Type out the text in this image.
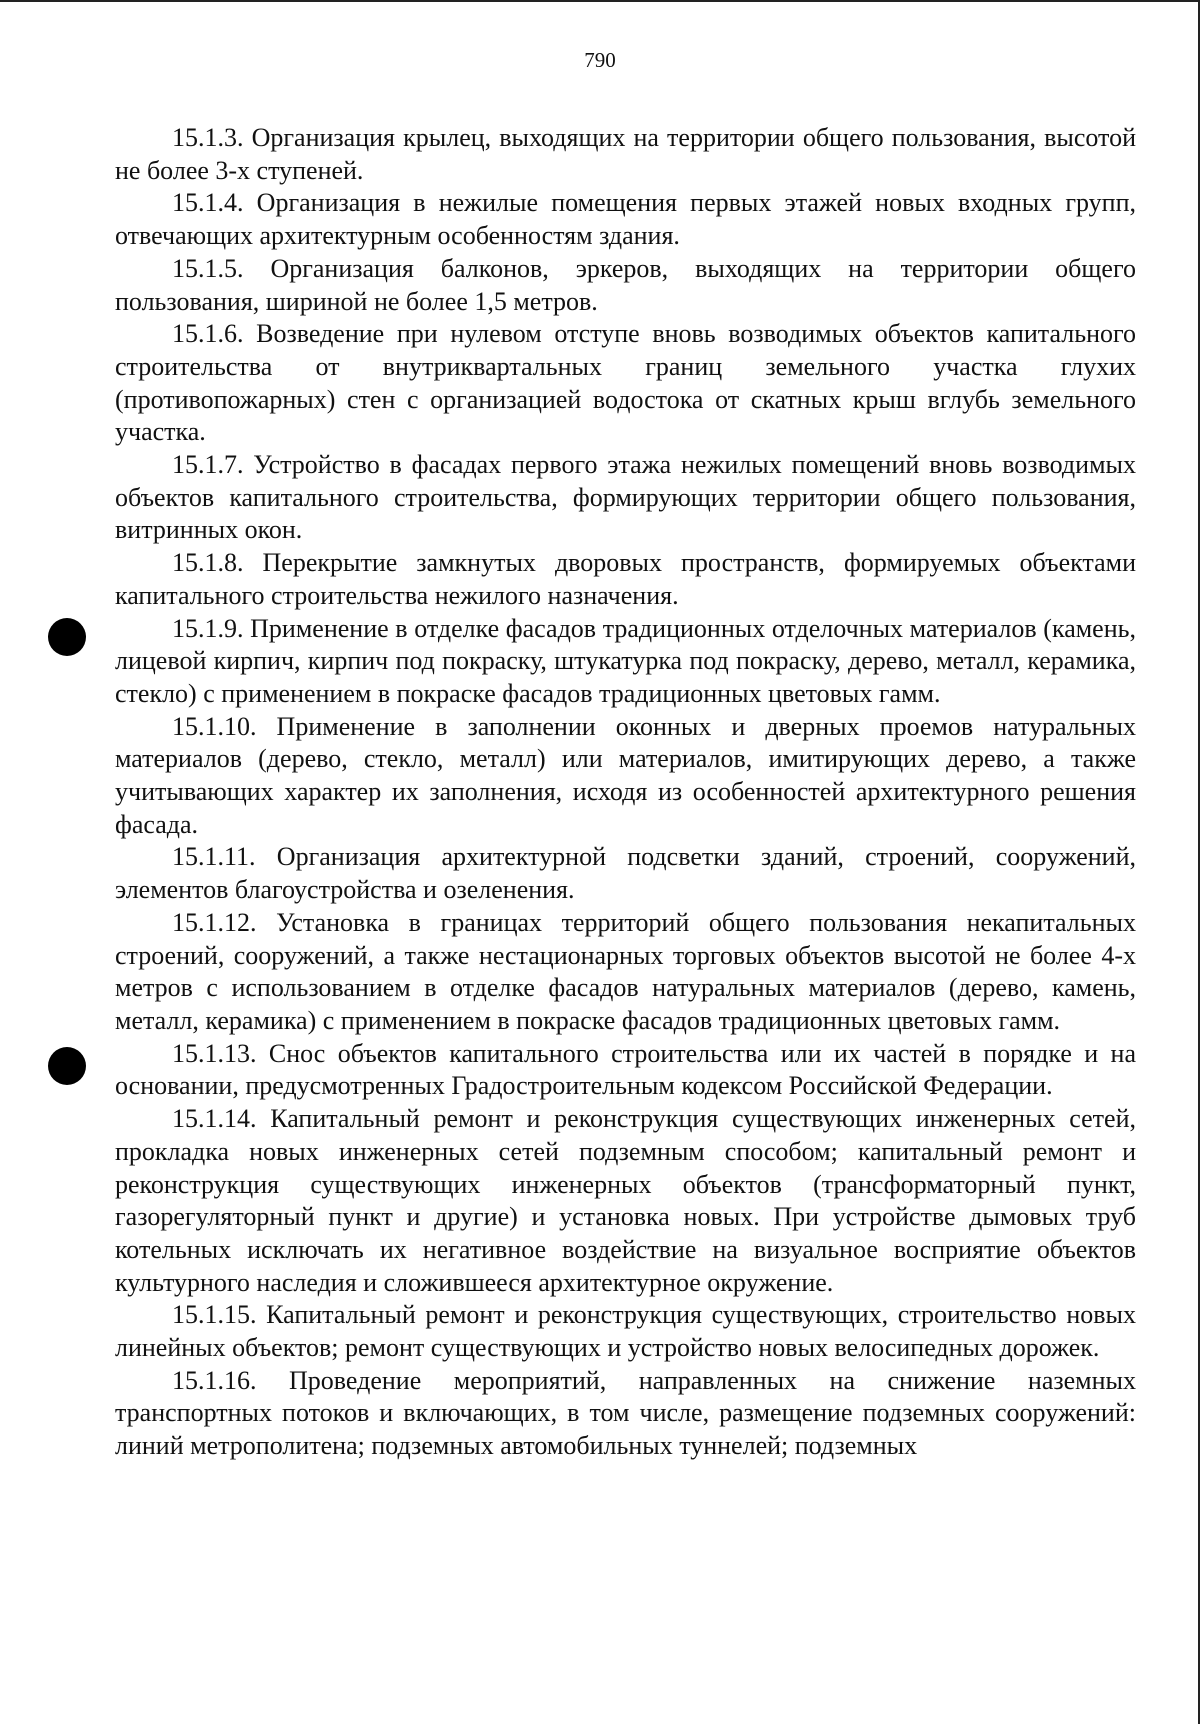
790

15.1.3. Организация крылец, выходящих на территории общего пользования, высотой не более 3-х ступеней.

15.1.4. Организация в нежилые помещения первых этажей новых входных групп, отвечающих архитектурным особенностям здания.

15.1.5. Организация балконов, эркеров, выходящих на территории общего пользования, шириной не более 1,5 метров.

15.1.6. Возведение при нулевом отступе вновь возводимых объектов капитального строительства от внутриквартальных границ земельного участка глухих (противопожарных) стен с организацией водостока от скатных крыш вглубь земельного участка.

15.1.7. Устройство в фасадах первого этажа нежилых помещений вновь возводимых объектов капитального строительства, формирующих территории общего пользования, витринных окон.

15.1.8. Перекрытие замкнутых дворовых пространств, формируемых объектами капитального строительства нежилого назначения.

15.1.9. Применение в отделке фасадов традиционных отделочных материалов (камень, лицевой кирпич, кирпич под покраску, штукатурка под покраску, дерево, металл, керамика, стекло) с применением в покраске фасадов традиционных цветовых гамм.

15.1.10. Применение в заполнении оконных и дверных проемов натуральных материалов (дерево, стекло, металл) или материалов, имитирующих дерево, а также учитывающих характер их заполнения, исходя из особенностей архитектурного решения фасада.

15.1.11. Организация архитектурной подсветки зданий, строений, сооружений, элементов благоустройства и озеленения.

15.1.12. Установка в границах территорий общего пользования некапитальных строений, сооружений, а также нестационарных торговых объектов высотой не более 4-х метров с использованием в отделке фасадов натуральных материалов (дерево, камень, металл, керамика) с применением в покраске фасадов традиционных цветовых гамм.

15.1.13. Снос объектов капитального строительства или их частей в порядке и на основании, предусмотренных Градостроительным кодексом Российской Федерации.

15.1.14. Капитальный ремонт и реконструкция существующих инженерных сетей, прокладка новых инженерных сетей подземным способом; капитальный ремонт и реконструкция существующих инженерных объектов (трансформаторный пункт, газорегуляторный пункт и другие) и установка новых. При устройстве дымовых труб котельных исключать их негативное воздействие на визуальное восприятие объектов культурного наследия и сложившееся архитектурное окружение.

15.1.15. Капитальный ремонт и реконструкция существующих, строительство новых линейных объектов; ремонт существующих и устройство новых велосипедных дорожек.

15.1.16. Проведение мероприятий, направленных на снижение наземных транспортных потоков и включающих, в том числе, размещение подземных сооружений: линий метрополитена; подземных автомобильных туннелей; подземных
